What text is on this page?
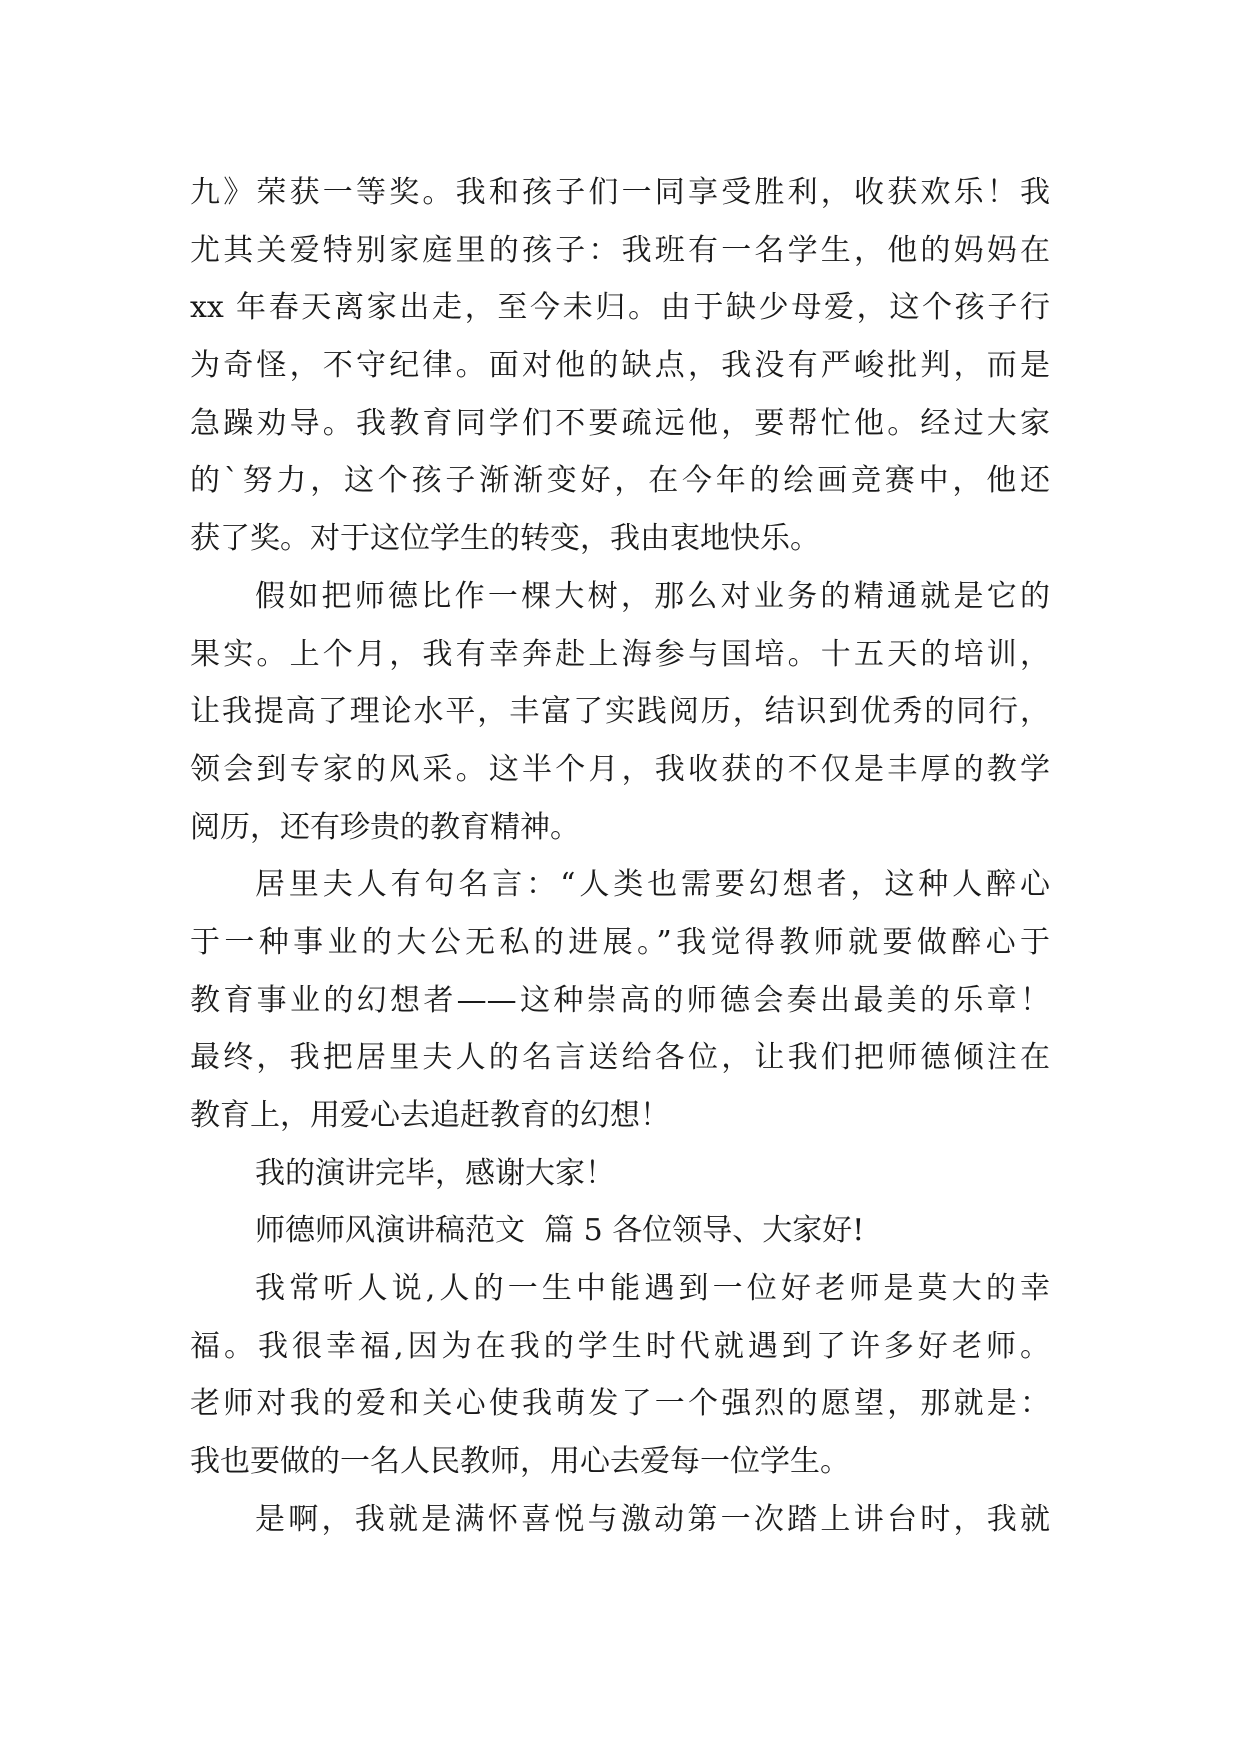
九》荣获一等奖。我和孩子们一同享受胜利，收获欢乐！我
尤其关爱特别家庭里的孩子：我班有一名学生，他的妈妈在
xx 年春天离家出走，至今未归。由于缺少母爱，这个孩子行
为奇怪，不守纪律。面对他的缺点，我没有严峻批判，而是
急躁劝导。我教育同学们不要疏远他，要帮忙他。经过大家
的`努力，这个孩子渐渐变好，在今年的绘画竞赛中，他还
获了奖。对于这位学生的转变，我由衷地快乐。
假如把师德比作一棵大树，那么对业务的精通就是它的
果实。上个月，我有幸奔赴上海参与国培。十五天的培训，
让我提高了理论水平，丰富了实践阅历，结识到优秀的同行，
领会到专家的风采。这半个月，我收获的不仅是丰厚的教学
阅历，还有珍贵的教育精神。
居里夫人有句名言：“人类也需要幻想者，这种人醉心
于一种事业的大公无私的进展。”我觉得教师就要做醉心于
教育事业的幻想者——这种崇高的师德会奏出最美的乐章！
最终，我把居里夫人的名言送给各位，让我们把师德倾注在
教育上，用爱心去追赶教育的幻想！
我的演讲完毕，感谢大家！
师德师风演讲稿范文  篇 5 各位领导、大家好!
我常听人说,人的一生中能遇到一位好老师是莫大的幸
福。我很幸福,因为在我的学生时代就遇到了许多好老师。
老师对我的爱和关心使我萌发了一个强烈的愿望，那就是：
我也要做的一名人民教师，用心去爱每一位学生。
是啊，我就是满怀喜悦与激动第一次踏上讲台时，我就
